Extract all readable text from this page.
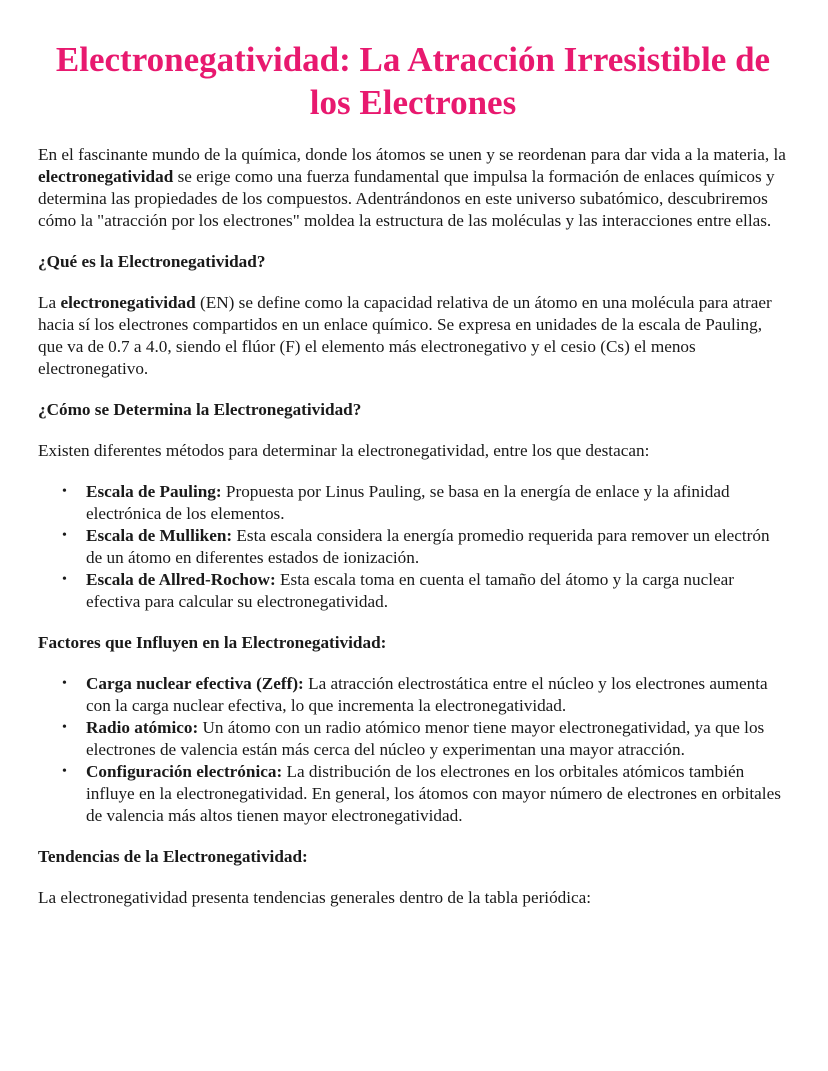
Electronegatividad: La Atracción Irresistible de los Electrones

En el fascinante mundo de la química, donde los átomos se unen y se reordenan para dar vida a la materia, la electronegatividad se erige como una fuerza fundamental que impulsa la formación de enlaces químicos y determina las propiedades de los compuestos. Adentrándonos en este universo subatómico, descubriremos cómo la "atracción por los electrones" moldea la estructura de las moléculas y las interacciones entre ellas.

¿Qué es la Electronegatividad?

La electronegatividad (EN) se define como la capacidad relativa de un átomo en una molécula para atraer hacia sí los electrones compartidos en un enlace químico. Se expresa en unidades de la escala de Pauling, que va de 0.7 a 4.0, siendo el flúor (F) el elemento más electronegativo y el cesio (Cs) el menos electronegativo.

¿Cómo se Determina la Electronegatividad?

Existen diferentes métodos para determinar la electronegatividad, entre los que destacan:

• Escala de Pauling: Propuesta por Linus Pauling, se basa en la energía de enlace y la afinidad electrónica de los elementos.
• Escala de Mulliken: Esta escala considera la energía promedio requerida para remover un electrón de un átomo en diferentes estados de ionización.
• Escala de Allred-Rochow: Esta escala toma en cuenta el tamaño del átomo y la carga nuclear efectiva para calcular su electronegatividad.
Factores que Influyen en la Electronegatividad:
• Carga nuclear efectiva (Zeff): La atracción electrostática entre el núcleo y los electrones aumenta con la carga nuclear efectiva, lo que incrementa la electronegatividad.
• Radio atómico: Un átomo con un radio atómico menor tiene mayor electronegatividad, ya que los electrones de valencia están más cerca del núcleo y experimentan una mayor atracción.
• Configuración electrónica: La distribución de los electrones en los orbitales atómicos también influye en la electronegatividad. En general, los átomos con mayor número de electrones en orbitales de valencia más altos tienen mayor electronegatividad.
Tendencias de la Electronegatividad:

La electronegatividad presenta tendencias generales dentro de la tabla periódica:
